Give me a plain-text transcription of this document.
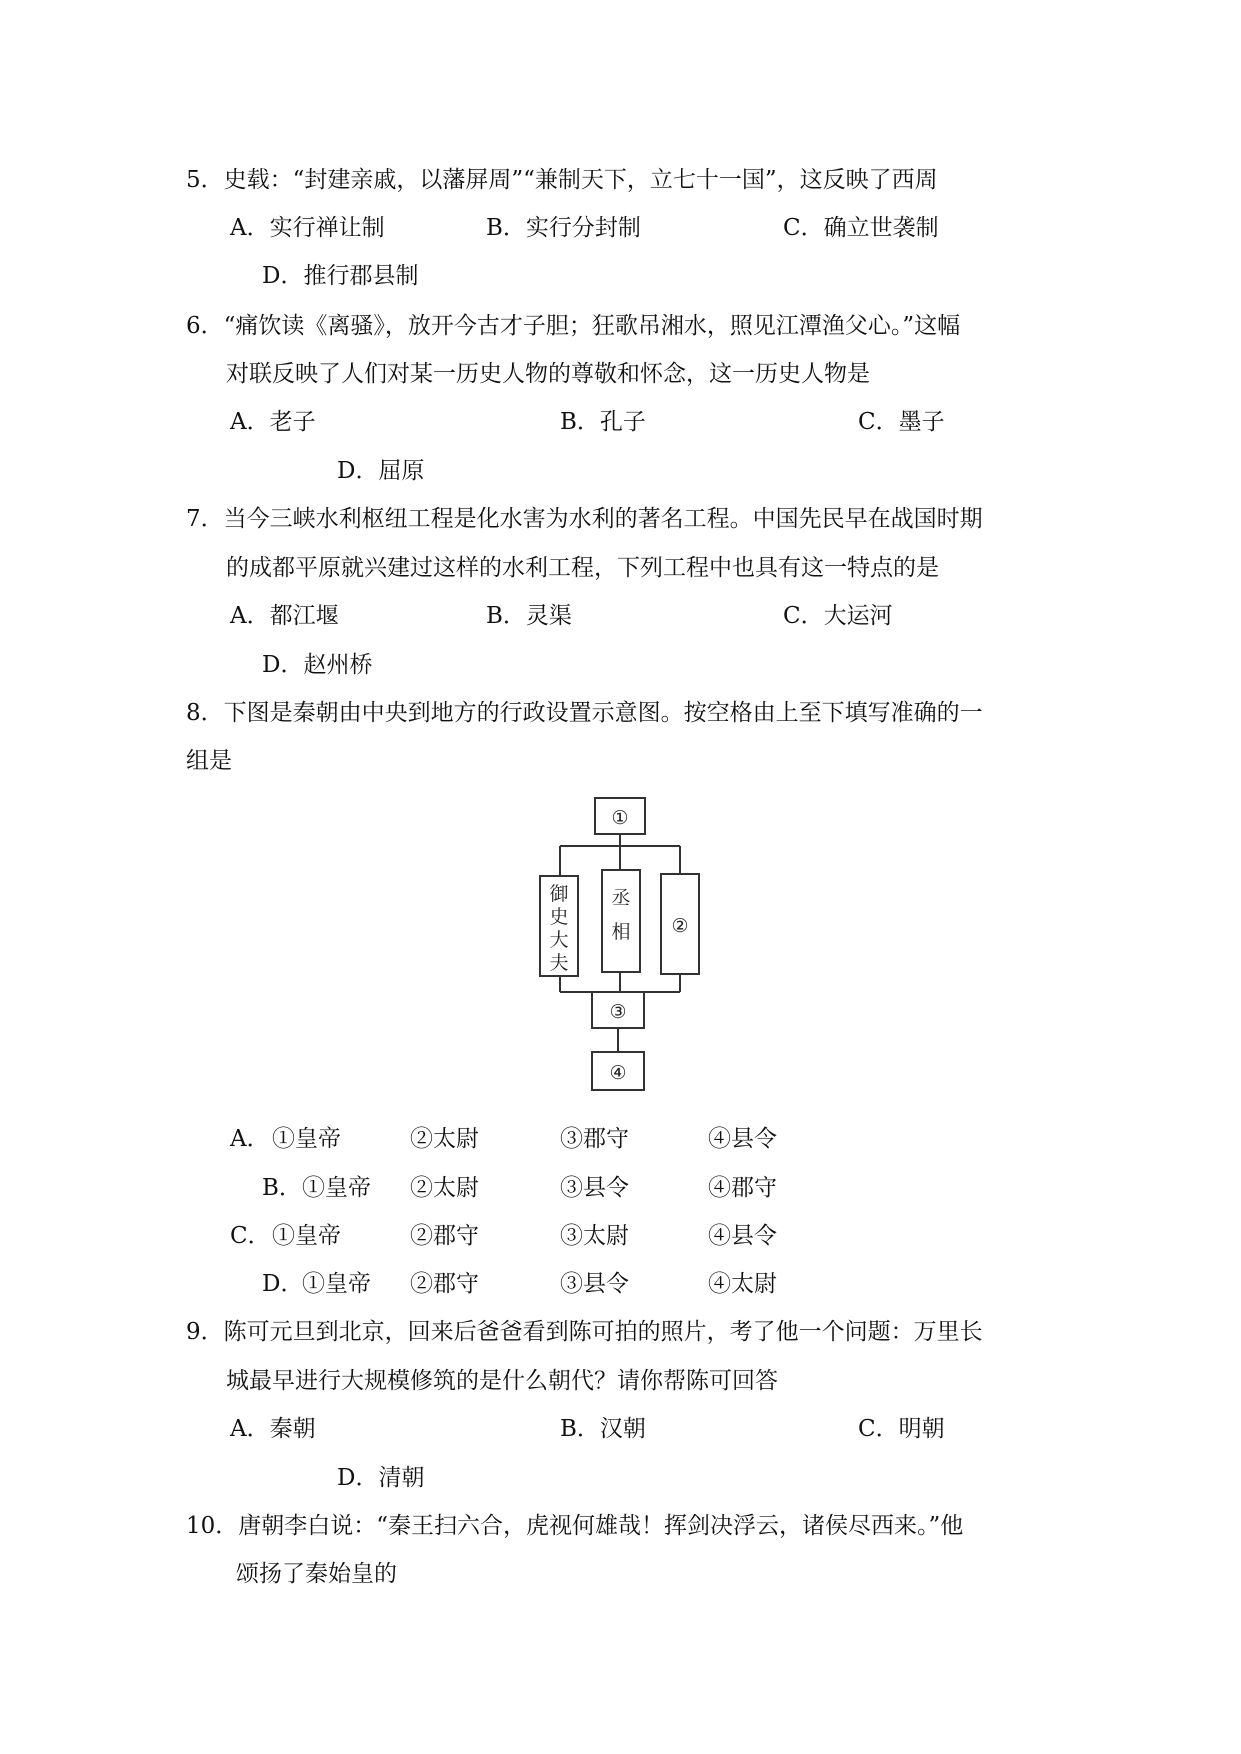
5．史载：“封建亲戚，以藩屏周”“兼制天下，立七十一国”，这反映了西周
A．实行禅让制	B．实行分封制	C．确立世袭制
D．推行郡县制
6．“痛饮读《离骚》，放开今古才子胆；狂歌吊湘水，照见江潭渔父心。”这幅
对联反映了人们对某一历史人物的尊敬和怀念，这一历史人物是
A．老子	B．孔子	C．墨子
D．屈原
7．当今三峡水利枢纽工程是化水害为水利的著名工程。中国先民早在战国时期
的成都平原就兴建过这样的水利工程，下列工程中也具有这一特点的是
A．都江堰	B．灵渠	C．大运河
D．赵州桥
8．下图是秦朝由中央到地方的行政设置示意图。按空格由上至下填写准确的一
组是
①
御
史
大
夫
丞
相 ②
③
④
A． ①皇帝	②太尉	③郡守	④县令
B． ①皇帝 ②太尉	③县令	④郡守
C． ①皇帝	②郡守	③太尉	④县令
D．
①皇帝 ②郡守	③县令	④太尉
9．陈可元旦到北京，回来后爸爸看到陈可拍的照片，考了他一个问题：万里长
城最早进行大规模修筑的是什么朝代？请你帮陈可回答
A．秦朝	B．汉朝	C．明朝
D．清朝
10．唐朝李白说：“秦王扫六合，虎视何雄哉！挥剑决浮云，诸侯尽西来。”他
颂扬了秦始皇的
